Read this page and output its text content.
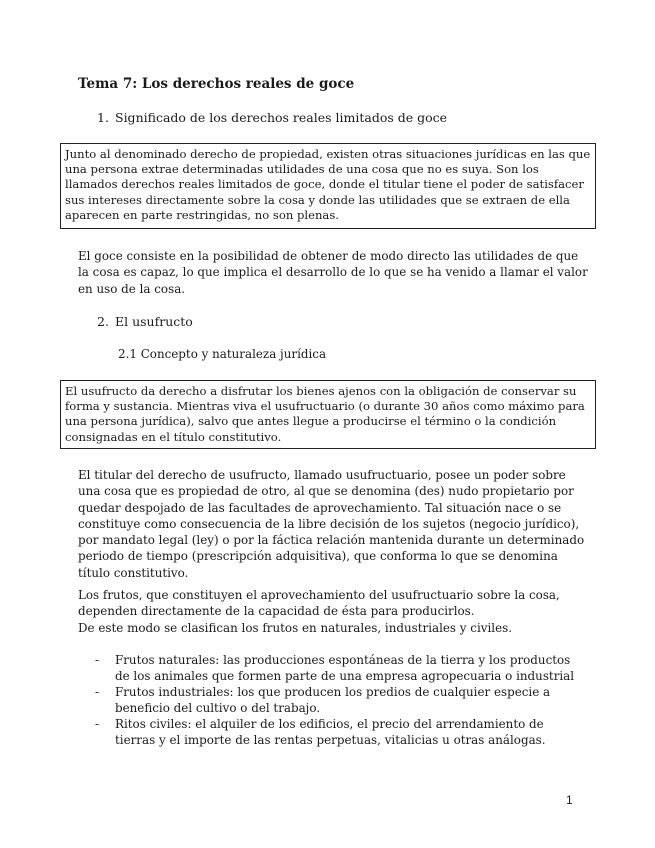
Tema 7: Los derechos reales de goce
1. Significado de los derechos reales limitados de goce
Junto al denominado derecho de propiedad, existen otras situaciones jurídicas en las que una persona extrae determinadas utilidades de una cosa que no es suya. Son los llamados derechos reales limitados de goce, donde el titular tiene el poder de satisfacer sus intereses directamente sobre la cosa y donde las utilidades que se extraen de ella aparecen en parte restringidas, no son plenas.
El goce consiste en la posibilidad de obtener de modo directo las utilidades de que la cosa es capaz, lo que implica el desarrollo de lo que se ha venido a llamar el valor en uso de la cosa.
2. El usufructo
2.1 Concepto y naturaleza jurídica
El usufructo da derecho a disfrutar los bienes ajenos con la obligación de conservar su forma y sustancia. Mientras viva el usufructuario (o durante 30 años como máximo para una persona jurídica), salvo que antes llegue a producirse el término o la condición consignadas en el título constitutivo.
El titular del derecho de usufructo, llamado usufructuario, posee un poder sobre una cosa que es propiedad de otro, al que se denomina (des) nudo propietario por quedar despojado de las facultades de aprovechamiento. Tal situación nace o se constituye como consecuencia de la libre decisión de los sujetos (negocio jurídico), por mandato legal (ley) o por la fáctica relación mantenida durante un determinado periodo de tiempo (prescripción adquisitiva), que conforma lo que se denomina título constitutivo.
Los frutos, que constituyen el aprovechamiento del usufructuario sobre la cosa, dependen directamente de la capacidad de ésta para producirlos.
De este modo se clasifican los frutos en naturales, industriales y civiles.
- Frutos naturales: las producciones espontáneas de la tierra y los productos de los animales que formen parte de una empresa agropecuaria o industrial
- Frutos industriales: los que producen los predios de cualquier especie a beneficio del cultivo o del trabajo.
- Ritos civiles: el alquiler de los edificios, el precio del arrendamiento de tierras y el importe de las rentas perpetuas, vitalicias u otras análogas.
1
